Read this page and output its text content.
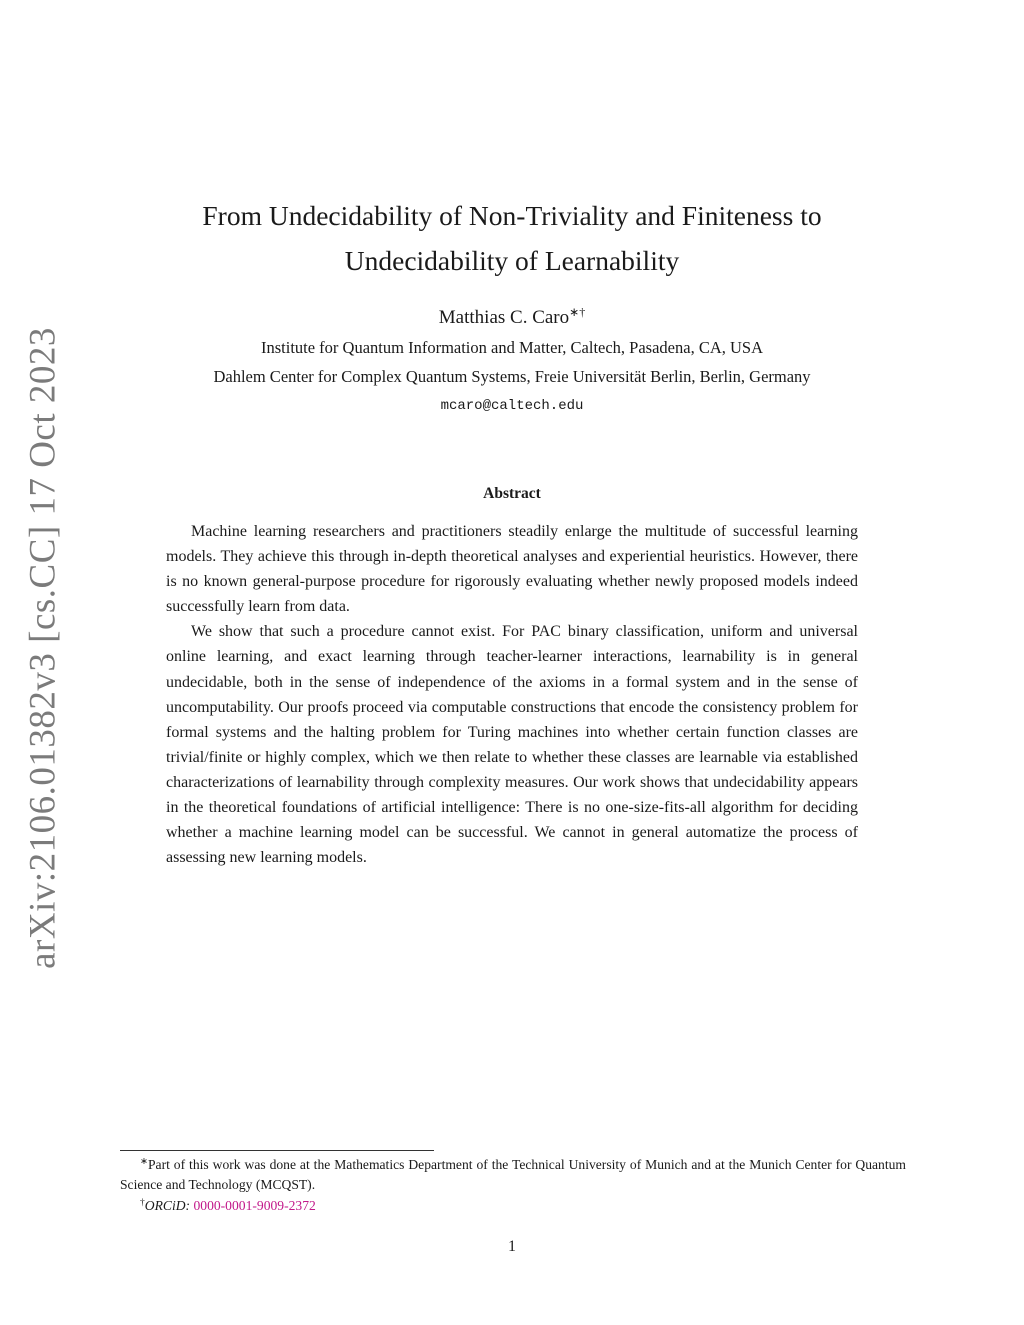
arXiv:2106.01382v3 [cs.CC] 17 Oct 2023
From Undecidability of Non-Triviality and Finiteness to
Undecidability of Learnability
Matthias C. Caro∗†
Institute for Quantum Information and Matter, Caltech, Pasadena, CA, USA
Dahlem Center for Complex Quantum Systems, Freie Universität Berlin, Berlin, Germany
mcaro@caltech.edu
Abstract

Machine learning researchers and practitioners steadily enlarge the multitude of successful learning models. They achieve this through in-depth theoretical analyses and experiential heuristics. However, there is no known general-purpose procedure for rigorously evaluating whether newly proposed models indeed successfully learn from data.

We show that such a procedure cannot exist. For PAC binary classification, uniform and universal online learning, and exact learning through teacher-learner interactions, learnability is in general undecidable, both in the sense of independence of the axioms in a formal system and in the sense of uncomputability. Our proofs proceed via computable constructions that encode the consistency problem for formal systems and the halting problem for Turing machines into whether certain function classes are trivial/finite or highly complex, which we then relate to whether these classes are learnable via established characterizations of learnability through complexity measures. Our work shows that undecidability appears in the theoretical foundations of artificial intelligence: There is no one-size-fits-all algorithm for deciding whether a machine learning model can be successful. We cannot in general automatize the process of assessing new learning models.

∗Part of this work was done at the Mathematics Department of the Technical University of Munich and at the Munich Center for Quantum Science and Technology (MCQST).

†ORCiD: 0000-0001-9009-2372

1
